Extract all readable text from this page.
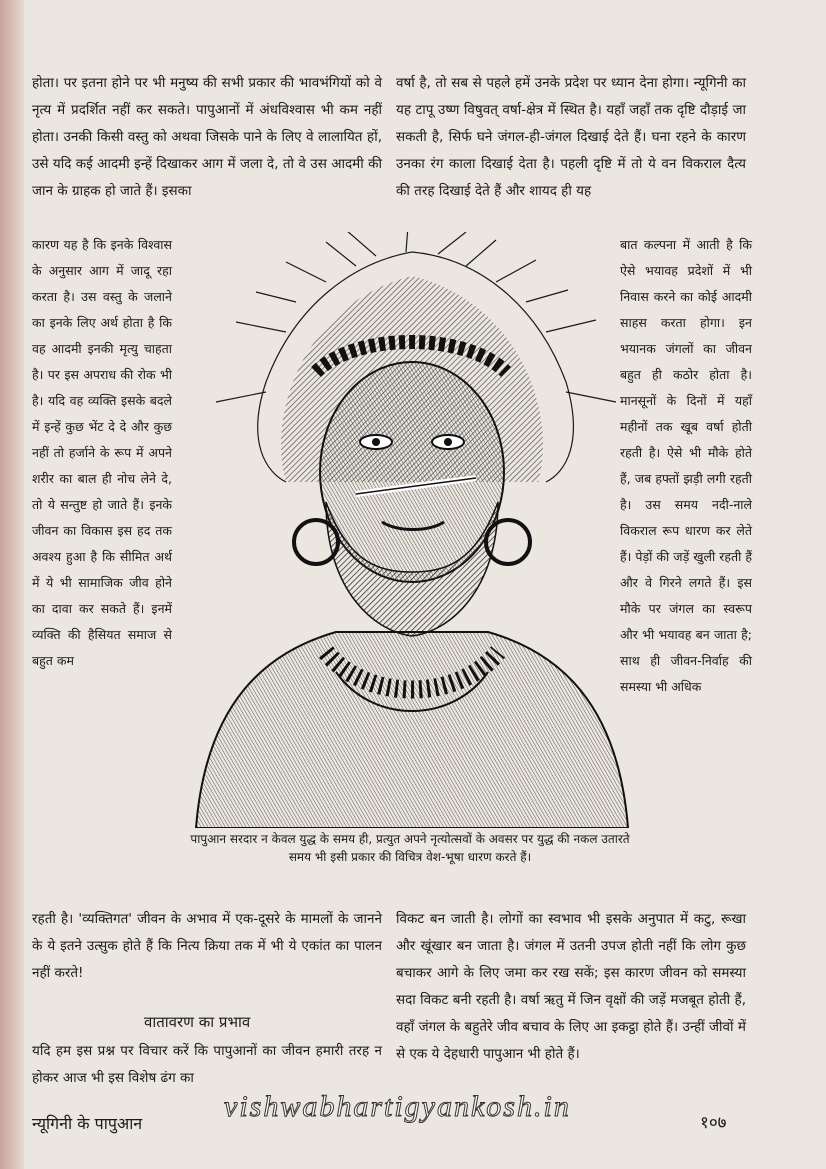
होता। पर इतना होने पर भी मनुष्य की सभी प्रकार की भावभंगियों को वे नृत्य में प्रदर्शित नहीं कर सकते। पापुआनों में अंधविश्वास भी कम नहीं होता। उनकी किसी वस्तु को अथवा जिसके पाने के लिए वे लालायित हों, उसे यदि कई आदमी इन्हें दिखाकर आग में जला दे, तो वे उस आदमी की जान के ग्राहक हो जाते हैं। इसका

वर्षा है, तो सब से पहले हमें उनके प्रदेश पर ध्यान देना होगा। न्यूगिनी का यह टापू उष्ण विषुवत् वर्षा-क्षेत्र में स्थित है। यहाँ जहाँ तक दृष्टि दौड़ाई जा सकती है, सिर्फ घने जंगल-ही-जंगल दिखाई देते हैं। घना रहने के कारण उनका रंग काला दिखाई देता है। पहली दृष्टि में तो ये वन विकराल दैत्य की तरह दिखाई देते हैं और शायद ही यह

कारण यह है कि इनके विश्वास के अनुसार आग में जादू रहा करता है। उस वस्तु के जलाने का इनके लिए अर्थ होता है कि वह आदमी इनकी मृत्यु चाहता है। पर इस अपराध की रोक भी है। यदि वह व्यक्ति इसके बदले में इन्हें कुछ भेंट दे दे और कुछ नहीं तो हर्जाने के रूप में अपने शरीर का बाल ही नोच लेने दे, तो ये सन्तुष्ट हो जाते हैं। इनके जीवन का विकास इस हद तक अवश्य हुआ है कि सीमित अर्थ में ये भी सामाजिक जीव होने का दावा कर सकते हैं। इनमें व्यक्ति की हैसियत समाज से बहुत कम

बात कल्पना में आती है कि ऐसे भयावह प्रदेशों में भी निवास करने का कोई आदमी साहस करता होगा। इन भयानक जंगलों का जीवन बहुत ही कठोर होता है। मानसूनों के दिनों में यहाँ महीनों तक खूब वर्षा होती रहती है। ऐसे भी मौके होते हैं, जब हफ्तों झड़ी लगी रहती है। उस समय नदी-नाले विकराल रूप धारण कर लेते हैं। पेड़ों की जड़ें खुली रहती हैं और वे गिरने लगते हैं। इस मौके पर जंगल का स्वरूप और भी भयावह बन जाता है; साथ ही जीवन-निर्वाह की समस्या भी अधिक

पापुआन सरदार न केवल युद्ध के समय ही, प्रत्युत अपने नृत्योत्सवों के अवसर पर युद्ध की नकल उतारते समय भी इसी प्रकार की विचित्र वेश-भूषा धारण करते हैं।

रहती है। 'व्यक्तिगत' जीवन के अभाव में एक-दूसरे के मामलों के जानने के ये इतने उत्सुक होते हैं कि नित्य क्रिया तक में भी ये एकांत का पालन नहीं करते!

वातावरण का प्रभाव

यदि हम इस प्रश्न पर विचार करें कि पापुआनों का जीवन हमारी तरह न होकर आज भी इस विशेष ढंग का

विकट बन जाती है। लोगों का स्वभाव भी इसके अनुपात में कटु, रूखा और खूंखार बन जाता है। जंगल में उतनी उपज होती नहीं कि लोग कुछ बचाकर आगे के लिए जमा कर रख सकें; इस कारण जीवन को समस्या सदा विकट बनी रहती है। वर्षा ऋतु में जिन वृक्षों की जड़ें मजबूत होती हैं, वहाँ जंगल के बहुतेरे जीव बचाव के लिए आ इकट्ठा होते हैं। उन्हीं जीवों में से एक ये देहधारी पापुआन भी होते हैं।

न्यूगिनी के पापुआन
vishwabhartigyankosh.in	१०७
